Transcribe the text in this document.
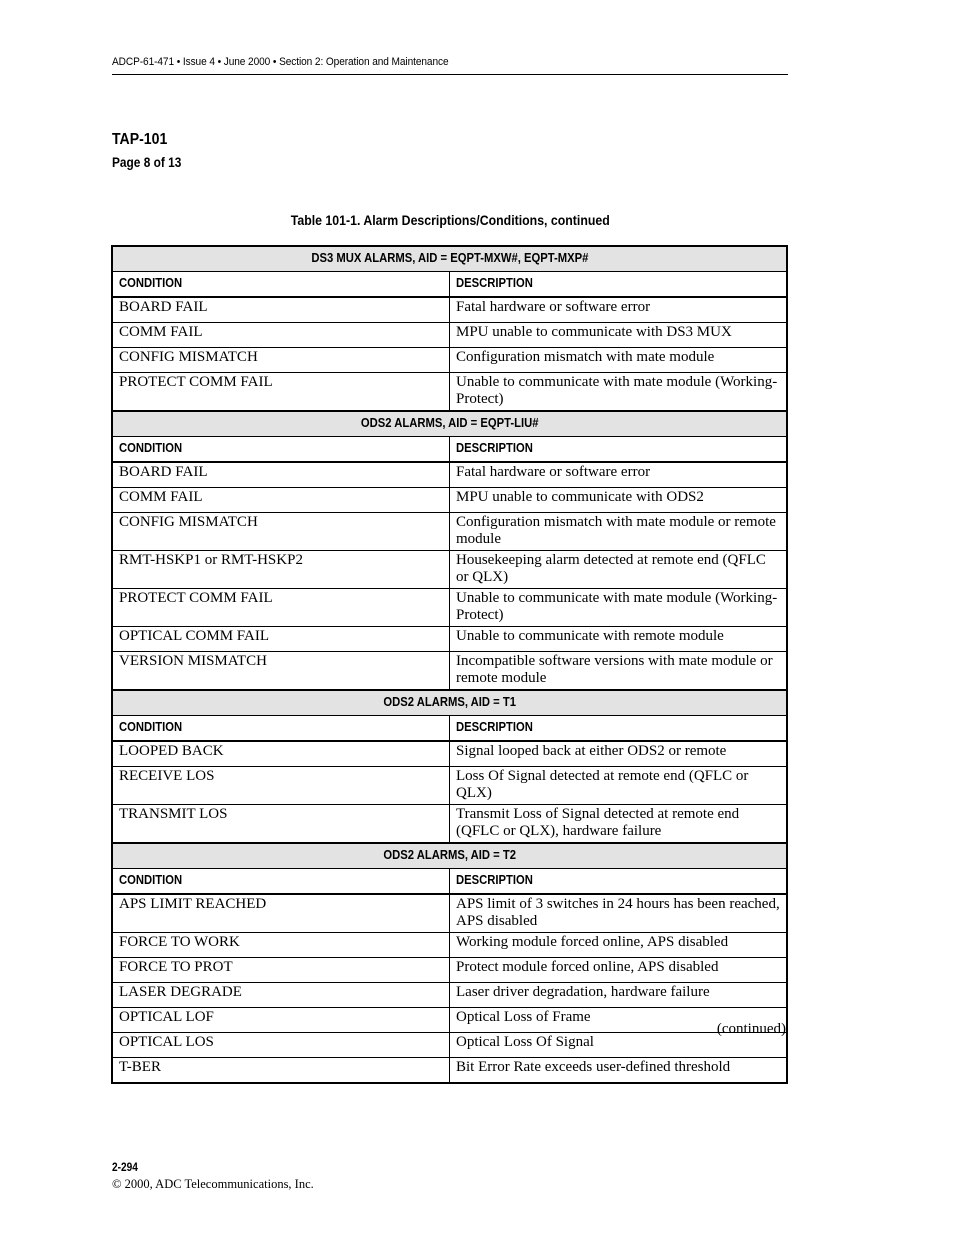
ADCP-61-471 • Issue 4 • June 2000 • Section 2: Operation and Maintenance
TAP-101
Page 8 of 13
Table 101-1. Alarm Descriptions/Conditions, continued
DS3 MUX ALARMS, AID = EQPT-MXW#, EQPT-MXP#	
CONDITION	DESCRIPTION
BOARD FAIL	Fatal hardware or software error
COMM FAIL	MPU unable to communicate with DS3 MUX
CONFIG MISMATCH	Configuration mismatch with mate module
PROTECT COMM FAIL	Unable to communicate with mate module (Working-Protect)
ODS2 ALARMS, AID = EQPT-LIU#	
CONDITION	DESCRIPTION
BOARD FAIL	Fatal hardware or software error
COMM FAIL	MPU unable to communicate with ODS2
CONFIG MISMATCH	Configuration mismatch with mate module or remote module
RMT-HSKP1 or RMT-HSKP2	Housekeeping alarm detected at remote end (QFLC or QLX)
PROTECT COMM FAIL	Unable to communicate with mate module (Working-Protect)
OPTICAL COMM FAIL	Unable to communicate with remote module
VERSION MISMATCH	Incompatible software versions with mate module or remote module
ODS2 ALARMS, AID = T1	
CONDITION	DESCRIPTION
LOOPED BACK	Signal looped back at either ODS2 or remote
RECEIVE LOS	Loss Of Signal detected at remote end (QFLC or QLX)
TRANSMIT LOS	Transmit Loss of Signal detected at remote end (QFLC or QLX), hardware failure
ODS2 ALARMS, AID = T2	
CONDITION	DESCRIPTION
APS LIMIT REACHED	APS limit of 3 switches in 24 hours has been reached, APS disabled
FORCE TO WORK	Working module forced online, APS disabled
FORCE TO PROT	Protect module forced online, APS disabled
LASER DEGRADE	Laser driver degradation, hardware failure
OPTICAL LOF	Optical Loss of Frame
OPTICAL LOS	Optical Loss Of Signal
T-BER	Bit Error Rate exceeds user-defined threshold
(continued)
2-294
© 2000, ADC Telecommunications, Inc.
